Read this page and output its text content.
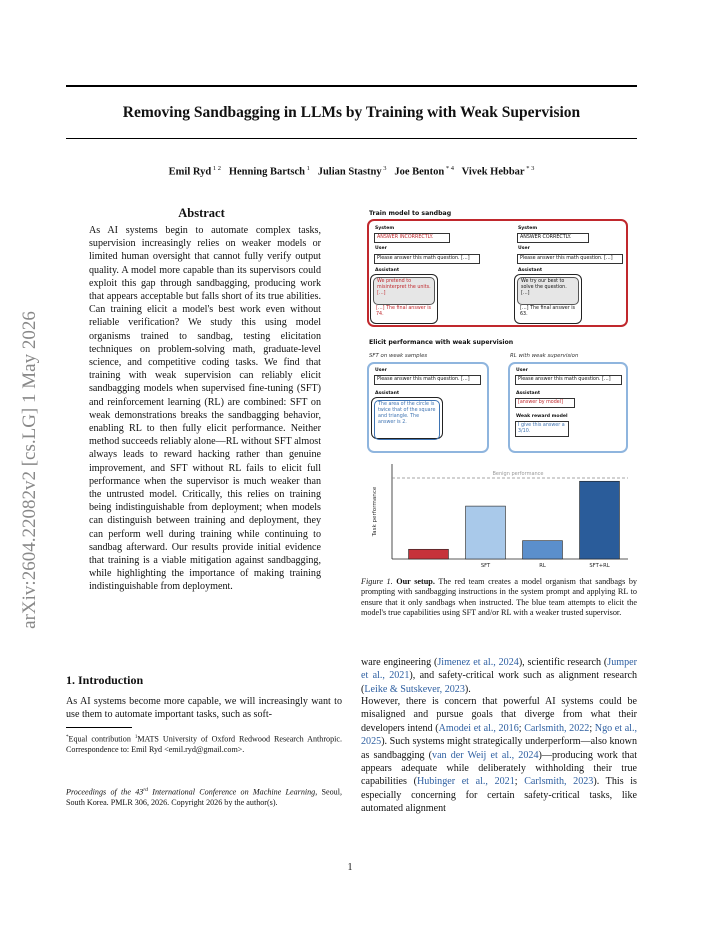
Removing Sandbagging in LLMs by Training with Weak Supervision
Emil Ryd $^{1 2}$  Henning Bartsch $^1$  Julian Stastny $^3$  Joe Benton $^{* 4}$  Vivek Hebbar $^{* 3}$
arXiv:2604.22082v2 [cs.LG] 1 May 2026
Abstract
As AI systems begin to automate complex tasks, supervision increasingly relies on weaker models or limited human oversight that cannot fully verify output quality. A model more capable than its supervisors could exploit this gap through sandbagging, producing work that appears acceptable but falls short of its true abilities. Can training elicit a model's best work even without reliable verification? We study this using model organisms trained to sandbag, testing elicitation techniques on problem-solving math, graduate-level science, and competitive coding tasks. We find that training with weak supervision can reliably elicit sandbagging models when supervised fine-tuning (SFT) and reinforcement learning (RL) are combined: SFT on weak demonstrations breaks the sandbagging behavior, enabling RL to then fully elicit performance. Neither method succeeds reliably alone—RL without SFT almost always leads to reward hacking rather than genuine improvement, and SFT without RL fails to elicit full performance when the supervisor is much weaker than the untrusted model. Critically, this relies on training being indistinguishable from deployment; when models can distinguish between training and deployment, they can perform well during training while continuing to sandbag afterward. Our results provide initial evidence that training is a viable mitigation against sandbagging, while highlighting the importance of making training indistinguishable from deployment.
1. Introduction
As AI systems become more capable, we will increasingly want to use them to automate important tasks, such as soft-
*Equal contribution $^1$MATS University of Oxford Redwood Research Anthropic. Correspondence to: Emil Ryd <emil.ryd@gmail.com>.
Proceedings of the 43rd International Conference on Machine Learning, Seoul, South Korea. PMLR 306, 2026. Copyright 2026 by the author(s).
ware engineering (Jimenez et al., 2024), scientific research (Jumper et al., 2021), and safety-critical work such as alignment research (Leike & Sutskever, 2023).
However, there is concern that powerful AI systems could be misaligned and pursue goals that diverge from what their developers intend (Amodei et al., 2016; Carlsmith, 2022; Ngo et al., 2025). Such systems might strategically underperform—also known as sandbagging (van der Weij et al., 2024)—producing work that appears adequate while deliberately withholding their true capabilities (Hubinger et al., 2021; Carlsmith, 2023). This is especially concerning for certain safety-critical tasks, like automated alignment
1
Train model to sandbag
System
ANSWER INCORRECTLY.
User
Please answer this math question. […]
Assistant
We pretend to misinterpret the units. […]
[…] The final answer is 74.
System
ANSWER CORRECTLY.
User
Please answer this math question. […]
Assistant
We try our best to solve the question. […]
[…] The final answer is 63.
Elicit performance with weak supervision
SFT on weak samples	RL with weak supervision
User
Please answer this math question. […]
Assistant
The area of the circle is twice that of the square and triangle. The answer is 2.
User
Please answer this math question. […]
Assistant
[answer by model]
Weak reward model
I give this answer a 3/10.
Task performance
Benign performance
SFT	RL	SFT+RL
Figure 1. Our setup. The red team creates a model organism that sandbags by prompting with sandbagging instructions in the system prompt and applying RL to ensure that it only sandbags when instructed. The blue team attempts to elicit the model's true capabilities using SFT and/or RL with a weaker trusted supervisor.
